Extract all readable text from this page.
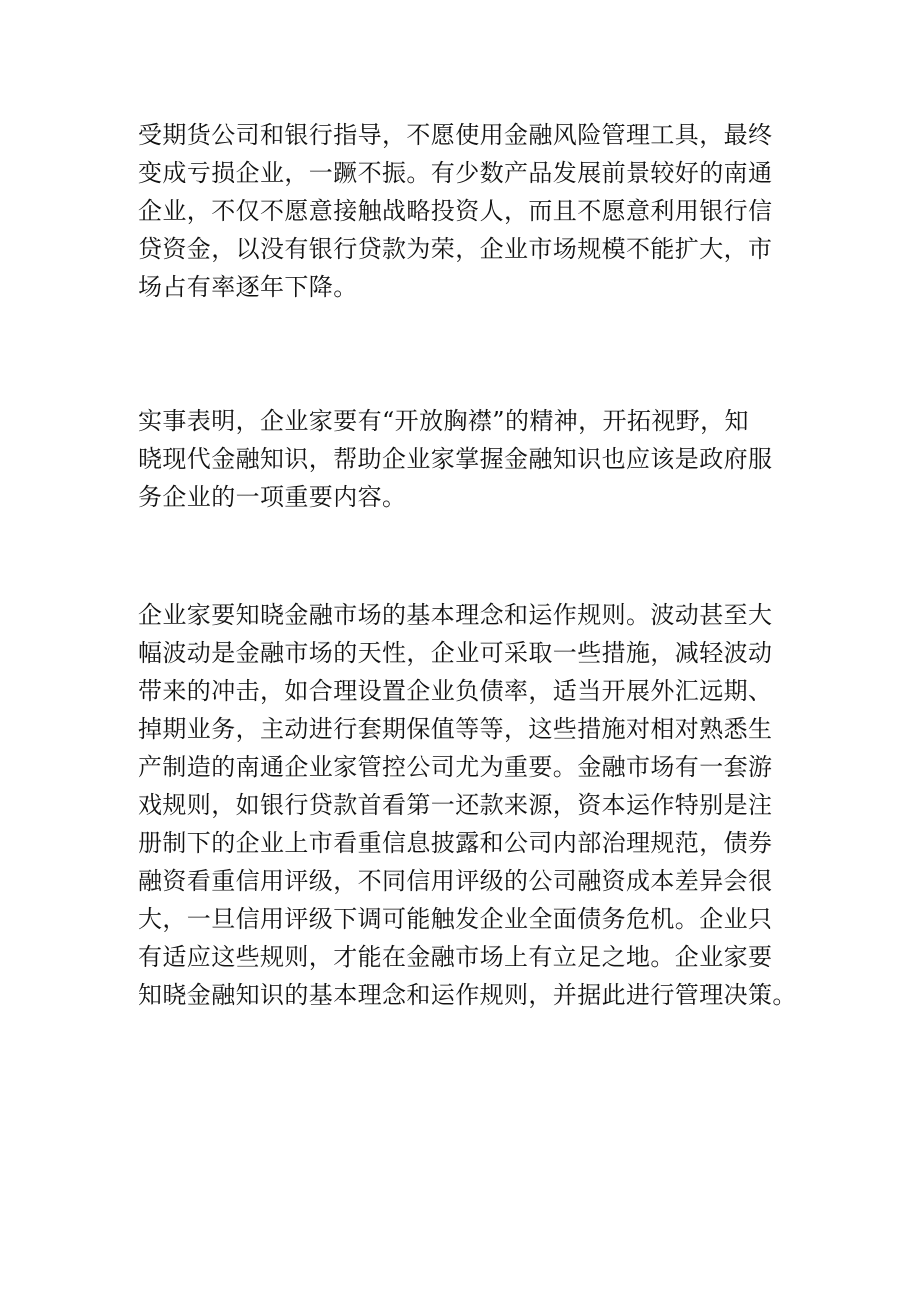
受期货公司和银行指导，不愿使用金融风险管理工具，最终
变成亏损企业，一蹶不振。有少数产品发展前景较好的南通
企业，不仅不愿意接触战略投资人，而且不愿意利用银行信
贷资金，以没有银行贷款为荣，企业市场规模不能扩大，市
场占有率逐年下降。

实事表明，企业家要有“开放胸襟”的精神，开拓视野，知
晓现代金融知识，帮助企业家掌握金融知识也应该是政府服
务企业的一项重要内容。

企业家要知晓金融市场的基本理念和运作规则。波动甚至大
幅波动是金融市场的天性，企业可采取一些措施，减轻波动
带来的冲击，如合理设置企业负债率，适当开展外汇远期、
掉期业务，主动进行套期保值等等，这些措施对相对熟悉生
产制造的南通企业家管控公司尤为重要。金融市场有一套游
戏规则，如银行贷款首看第一还款来源，资本运作特别是注
册制下的企业上市看重信息披露和公司内部治理规范，债券
融资看重信用评级，不同信用评级的公司融资成本差异会很
大，一旦信用评级下调可能触发企业全面债务危机。企业只
有适应这些规则，才能在金融市场上有立足之地。企业家要
知晓金融知识的基本理念和运作规则，并据此进行管理决策。
